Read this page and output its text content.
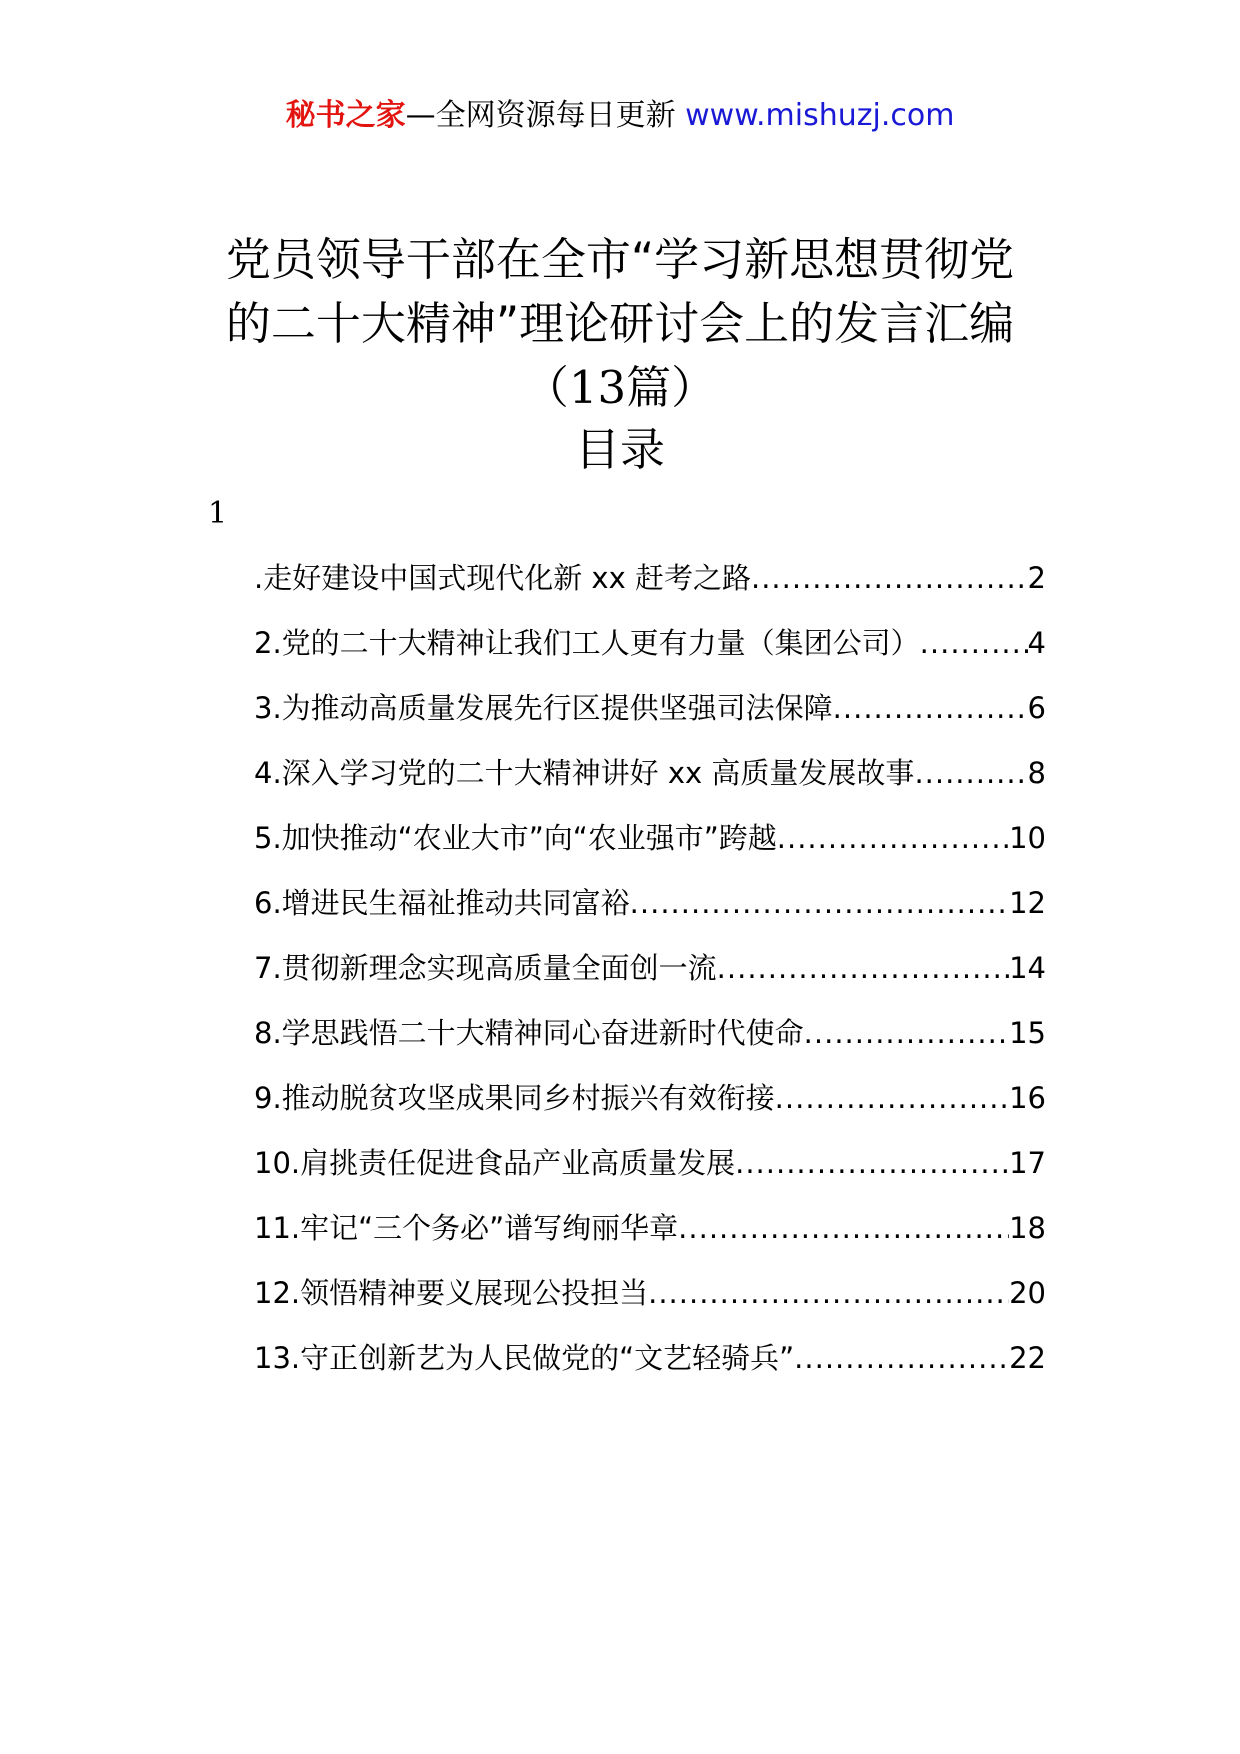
秘书之家—全网资源每日更新 www.mishuzj.com
党员领导干部在全市“学习新思想贯彻党
的二十大精神”理论研讨会上的发言汇编
（13篇）
目录
1
.走好建设中国式现代化新 xx 赶考之路 .....	2
2.党的二十大精神让我们工人更有力量（集团公司） .....	4
3.为推动高质量发展先行区提供坚强司法保障 .....	6
4.深入学习党的二十大精神讲好 xx 高质量发展故事 .....	8
5.加快推动“农业大市”向“农业强市”跨越 .....	10
6.增进民生福祉推动共同富裕 .....	12
7.贯彻新理念实现高质量全面创一流 .....	14
8.学思践悟二十大精神同心奋进新时代使命 .....	15
9.推动脱贫攻坚成果同乡村振兴有效衔接 .....	16
10.肩挑责任促进食品产业高质量发展 .....	17
11.牢记“三个务必”谱写绚丽华章 .....	18
12.领悟精神要义展现公投担当 .....	20
13.守正创新艺为人民做党的“文艺轻骑兵” .....	22
